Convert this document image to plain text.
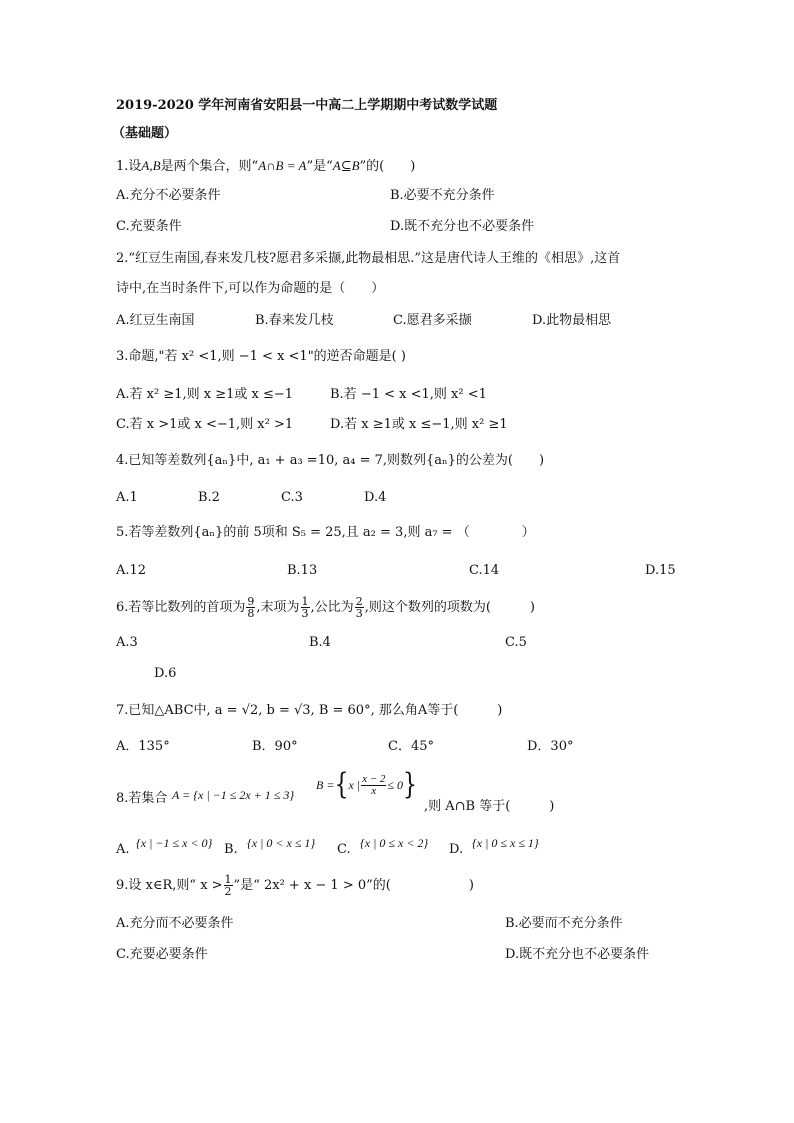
2019-2020 学年河南省安阳县一中高二上学期期中考试数学试题
（基础题）
1.设A,B是两个集合，则“A∩B = A”是“A⊆B”的(　　)
A.充分不必要条件	B.必要不充分条件
C.充要条件	D.既不充分也不必要条件
2.“红豆生南国,春来发几枝?愿君多采撷,此物最相思.”这是唐代诗人王维的《相思》,这首
诗中,在当时条件下,可以作为命题的是（　　）
A.红豆生南国	B.春来发几枝	C.愿君多采撷	D.此物最相思
3.命题,"若 x² <1,则 −1 < x <1"的逆否命题是( )
A.若 x² ≥1,则 x ≥1或 x ≤−1	B.若 −1 < x <1,则 x² <1
C.若 x >1或 x <−1,则 x² >1	D.若 x ≥1或 x ≤−1,则 x² ≥1
4.已知等差数列{aₙ}中, a₁ + a₃ =10, a₄ = 7,则数列{aₙ}的公差为(　　)
A.1	B.2	C.3	D.4
5.若等差数列{aₙ}的前 5项和 S₅ = 25,且 a₂ = 3,则 a₇ = （　　　　）
A.12	B.13	C.14	D.15
6.若等比数列的首项为 $\frac{9}{8}$ ,末项为 $\frac{1}{3}$ ,公比为 $\frac{2}{3}$ ,则这个数列的项数为(　　　)
A.3	B.4	C.5
D.6
7.已知△ABC中, a = √2, b = √3, B = 60°, 那么角A等于(　　　)
A．135°	B．90°	C．45°	D．30°
8.若集合 A = {x | −1 ≤ 2x + 1 ≤ 3}
B ={x | $\frac{x - 2}{x} \le 0$}
,则 A∩B 等于(　　　)
A. {x | −1 ≤ x < 0} B. {x | 0 < x ≤ 1} C. {x | 0 ≤ x < 2} D. {x | 0 ≤ x ≤ 1}
9.设 x∈R,则“ $x > \frac{1}{2}$ ”是“ 2x² + x − 1 > 0”的(　　　　　　)
A.充分而不必要条件	B.必要而不充分条件
C.充要必要条件	D.既不充分也不必要条件
